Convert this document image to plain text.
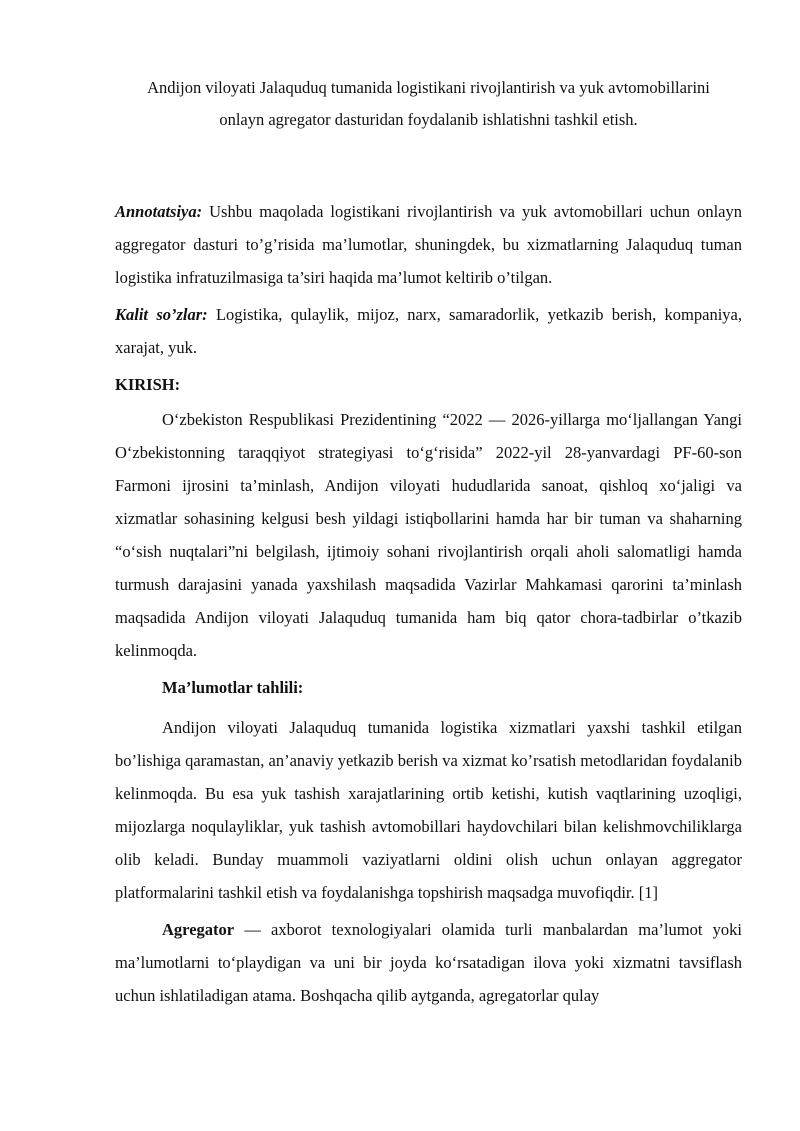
Andijon viloyati Jalaquduq tumanida logistikani rivojlantirish va yuk avtomobillarini onlayn agregator dasturidan foydalanib ishlatishni tashkil etish.

Annotatsiya: Ushbu maqolada logistikani rivojlantirish va yuk avtomobillari uchun onlayn aggregator dasturi to’g’risida ma’lumotlar, shuningdek, bu xizmatlarning Jalaquduq tuman logistika infratuzilmasiga ta’siri haqida ma’lumot keltirib o’tilgan.

Kalit so’zlar: Logistika, qulaylik, mijoz, narx, samaradorlik, yetkazib berish, kompaniya, xarajat, yuk.

KIRISH:

O‘zbekiston Respublikasi Prezidentining “2022 — 2026-yillarga mo‘ljallangan Yangi O‘zbekistonning taraqqiyot strategiyasi to‘g‘risida” 2022-yil 28-yanvardagi PF-60-son Farmoni ijrosini ta’minlash, Andijon viloyati hududlarida sanoat, qishloq xo‘jaligi va xizmatlar sohasining kelgusi besh yildagi istiqbollarini hamda har bir tuman va shaharning “o‘sish nuqtalari”ni belgilash, ijtimoiy sohani rivojlantirish orqali aholi salomatligi hamda turmush darajasini yanada yaxshilash maqsadida Vazirlar Mahkamasi qarorini ta’minlash maqsadida Andijon viloyati Jalaquduq tumanida ham biq qator chora-tadbirlar o’tkazib kelinmoqda.

Ma’lumotlar tahlili:

Andijon viloyati Jalaquduq tumanida logistika xizmatlari yaxshi tashkil etilgan bo’lishiga qaramastan, an’anaviy yetkazib berish va xizmat ko’rsatish metodlaridan foydalanib kelinmoqda. Bu esa yuk tashish xarajatlarining ortib ketishi, kutish vaqtlarining uzoqligi, mijozlarga noqulayliklar, yuk tashish avtomobillari haydovchilari bilan kelishmovchiliklarga olib keladi. Bunday muammoli vaziyatlarni oldini olish uchun onlayan aggregator platformalarini tashkil etish va foydalanishga topshirish maqsadga muvofiqdir. [1]

Agregator — axborot texnologiyalari olamida turli manbalardan ma’lumot yoki ma’lumotlarni to‘playdigan va uni bir joyda ko‘rsatadigan ilova yoki xizmatni tavsiflash uchun ishlatiladigan atama. Boshqacha qilib aytganda, agregatorlar qulay
